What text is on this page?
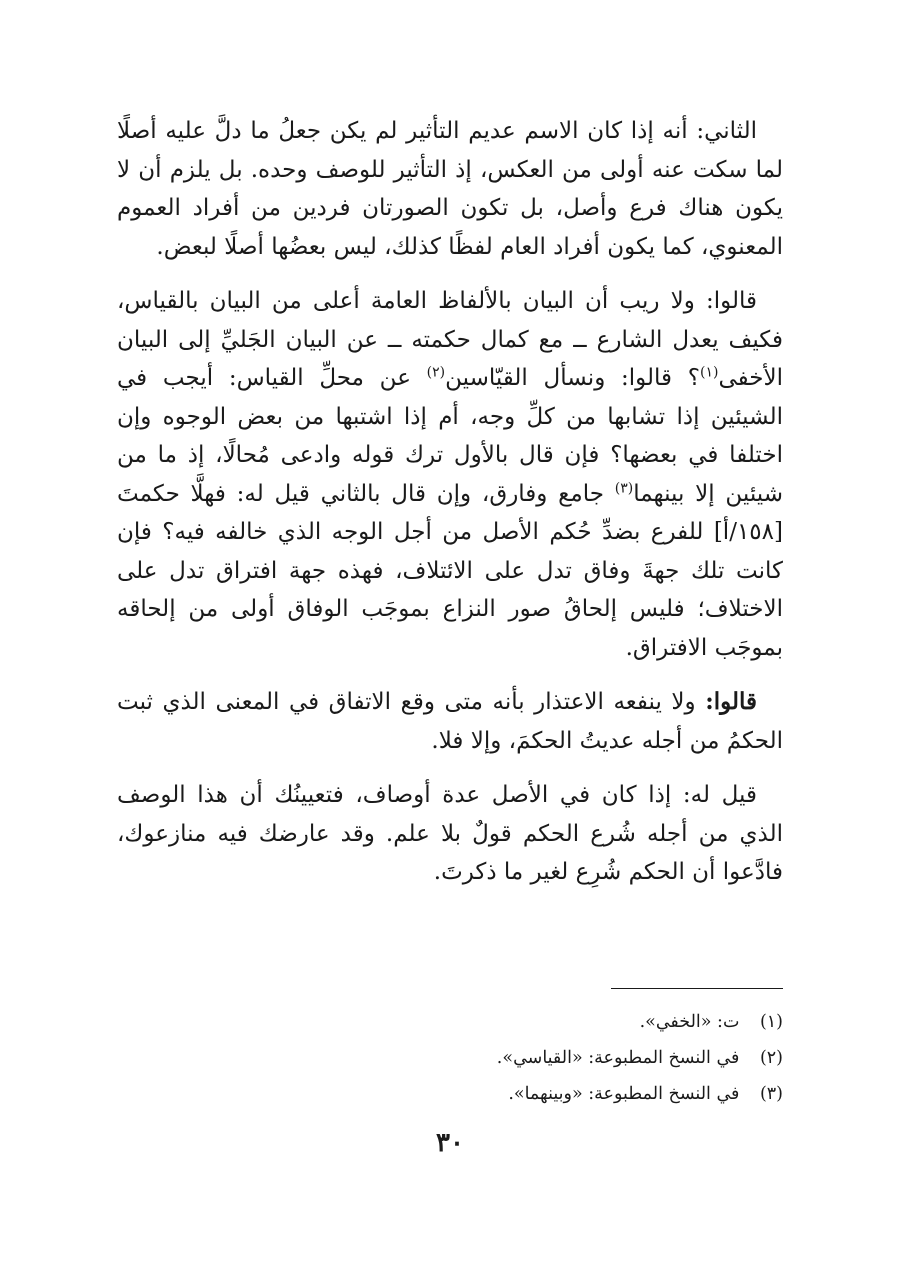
الثاني: أنه إذا كان الاسم عديم التأثير لم يكن جعلُ ما دلَّ عليه أصلًا لما سكت عنه أولى من العكس، إذ التأثير للوصف وحده. بل يلزم أن لا يكون هناك فرع وأصل، بل تكون الصورتان فردين من أفراد العموم المعنوي، كما يكون أفراد العام لفظًا كذلك، ليس بعضُها أصلًا لبعض.

قالوا: ولا ريب أن البيان بالألفاظ العامة أعلى من البيان بالقياس، فكيف يعدل الشارع ــ مع كمال حكمته ــ عن البيان الجَليِّ إلى البيان الأخفى$^{(١)}$؟ قالوا: ونسأل القيّاسين$^{(٢)}$ عن محلِّ القياس: أيجب في الشيئين إذا تشابها من كلِّ وجه، أم إذا اشتبها من بعض الوجوه وإن اختلفا في بعضها؟ فإن قال بالأول ترك قوله وادعى مُحالًا، إذ ما من شيئين إلا بينهما$^{(٣)}$ جامع وفارق، وإن قال بالثاني قيل له: فهلَّا حكمتَ [١٥٨/أ] للفرع بضدِّ حُكم الأصل من أجل الوجه الذي خالفه فيه؟ فإن كانت تلك جهةَ وفاق تدل على الائتلاف، فهذه جهة افتراق تدل على الاختلاف؛ فليس إلحاقُ صور النزاع بموجَب الوفاق أولى من إلحاقه بموجَب الافتراق.

قالوا: ولا ينفعه الاعتذار بأنه متى وقع الاتفاق في المعنى الذي ثبت الحكمُ من أجله عديتُ الحكمَ، وإلا فلا.

قيل له: إذا كان في الأصل عدة أوصاف، فتعيينُك أن هذا الوصف الذي من أجله شُرع الحكم قولٌ بلا علم. وقد عارضك فيه منازعوك، فادَّعوا أن الحكم شُرِع لغير ما ذكرتَ.

(١) ت: «الخفي».
(٢) في النسخ المطبوعة: «القياسي».
(٣) في النسخ المطبوعة: «وبينهما».
٣٠
